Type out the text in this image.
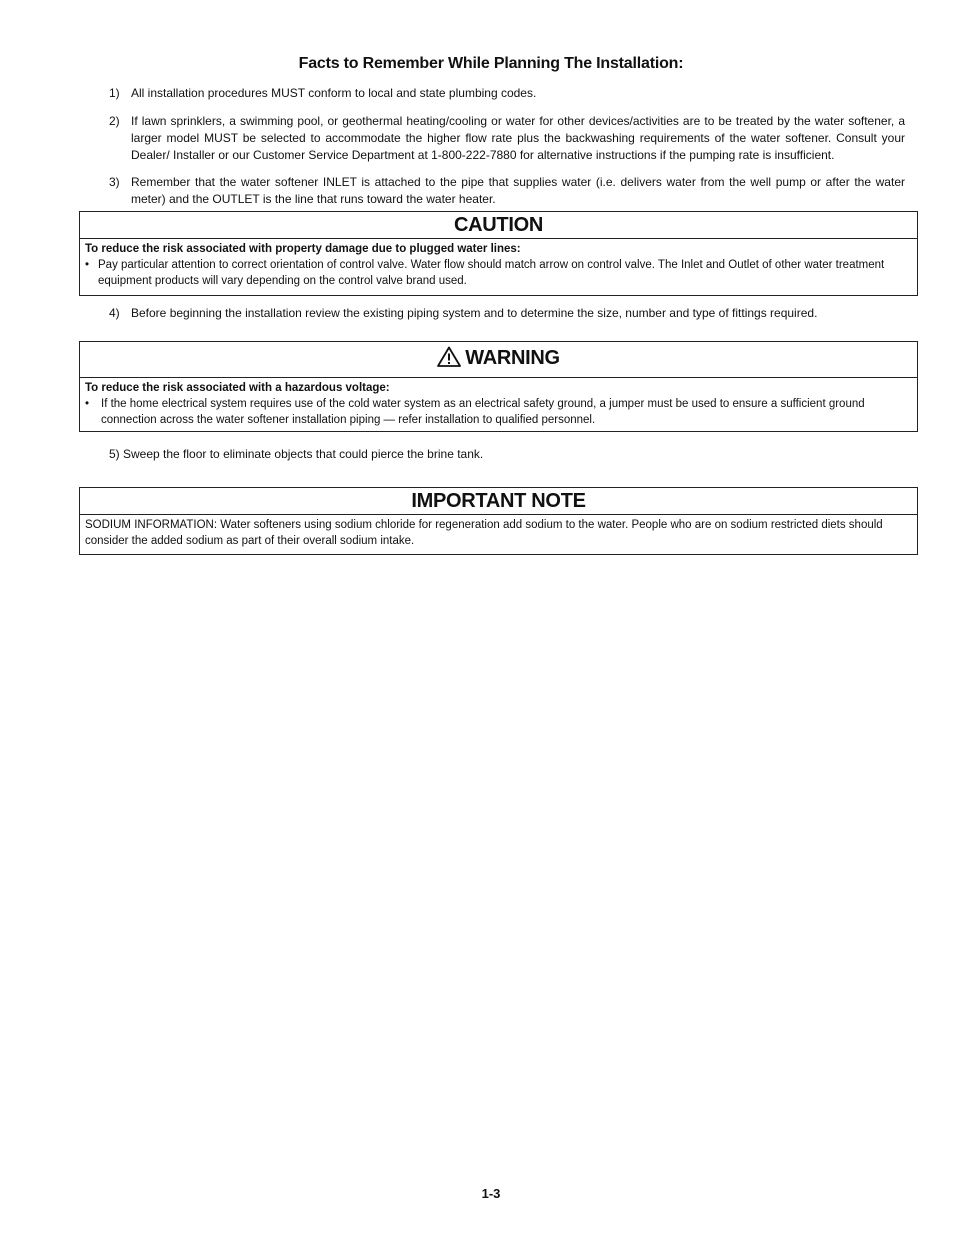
Facts to Remember While Planning The Installation:
1) All installation procedures MUST conform to local and state plumbing codes.
2) If lawn sprinklers, a swimming pool, or geothermal heating/cooling or water for other devices/activities are to be treated by the water softener, a larger model MUST be selected to accommodate the higher flow rate plus the backwashing requirements of the water softener. Consult your Dealer/ Installer or our Customer Service Department at 1-800-222-7880 for alternative instructions if the pumping rate is insufficient.
3) Remember that the water softener INLET is attached to the pipe that supplies water (i.e. delivers water from the well pump or after the water meter) and the OUTLET is the line that runs toward the water heater.
CAUTION
To reduce the risk associated with property damage due to plugged water lines:
• Pay particular attention to correct orientation of control valve. Water flow should match arrow on control valve. The Inlet and Outlet of other water treatment equipment products will vary depending on the control valve brand used.
4) Before beginning the installation review the existing piping system and to determine the size, number and type of fittings required.
WARNING
To reduce the risk associated with a hazardous voltage:
• If the home electrical system requires use of the cold water system as an electrical safety ground, a jumper must be used to ensure a sufficient ground connection across the water softener installation piping — refer installation to qualified personnel.
5) Sweep the floor to eliminate objects that could pierce the brine tank.
IMPORTANT NOTE
SODIUM INFORMATION: Water softeners using sodium chloride for regeneration add sodium to the water. People who are on sodium restricted diets should consider the added sodium as part of their overall sodium intake.
1-3
